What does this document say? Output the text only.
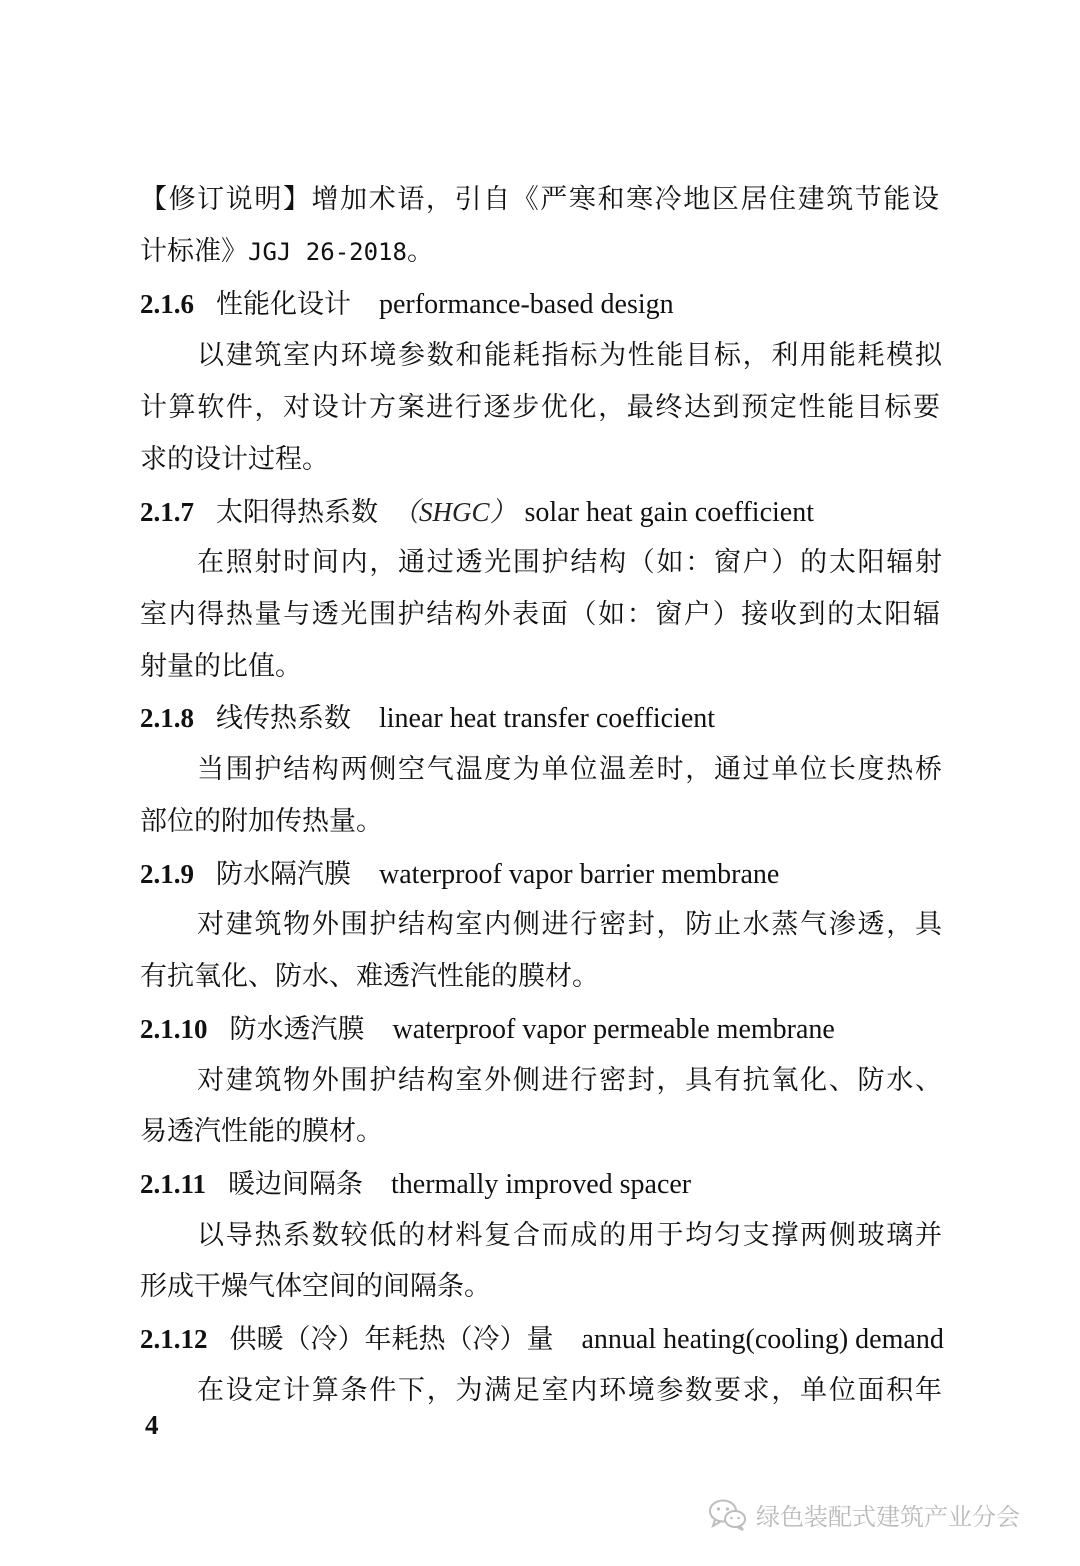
【修订说明】增加术语，引自《严寒和寒冷地区居住建筑节能设
计标准》JGJ 26-2018。
2.1.6 性能化设计 performance-based design
以建筑室内环境参数和能耗指标为性能目标，利用能耗模拟
计算软件，对设计方案进行逐步优化，最终达到预定性能目标要
求的设计过程。
2.1.7 太阳得热系数 （SHGC） solar heat gain coefficient
在照射时间内，通过透光围护结构（如：窗户）的太阳辐射
室内得热量与透光围护结构外表面（如：窗户）接收到的太阳辐
射量的比值。
2.1.8 线传热系数 linear heat transfer coefficient
当围护结构两侧空气温度为单位温差时，通过单位长度热桥
部位的附加传热量。
2.1.9 防水隔汽膜 waterproof vapor barrier membrane
对建筑物外围护结构室内侧进行密封，防止水蒸气渗透，具
有抗氧化、防水、难透汽性能的膜材。
2.1.10 防水透汽膜 waterproof vapor permeable membrane
对建筑物外围护结构室外侧进行密封，具有抗氧化、防水、
易透汽性能的膜材。
2.1.11 暖边间隔条 thermally improved spacer
以导热系数较低的材料复合而成的用于均匀支撑两侧玻璃并
形成干燥气体空间的间隔条。
2.1.12 供暖（冷）年耗热（冷）量 annual heating(cooling) demand
在设定计算条件下，为满足室内环境参数要求，单位面积年
4
绿色装配式建筑产业分会
